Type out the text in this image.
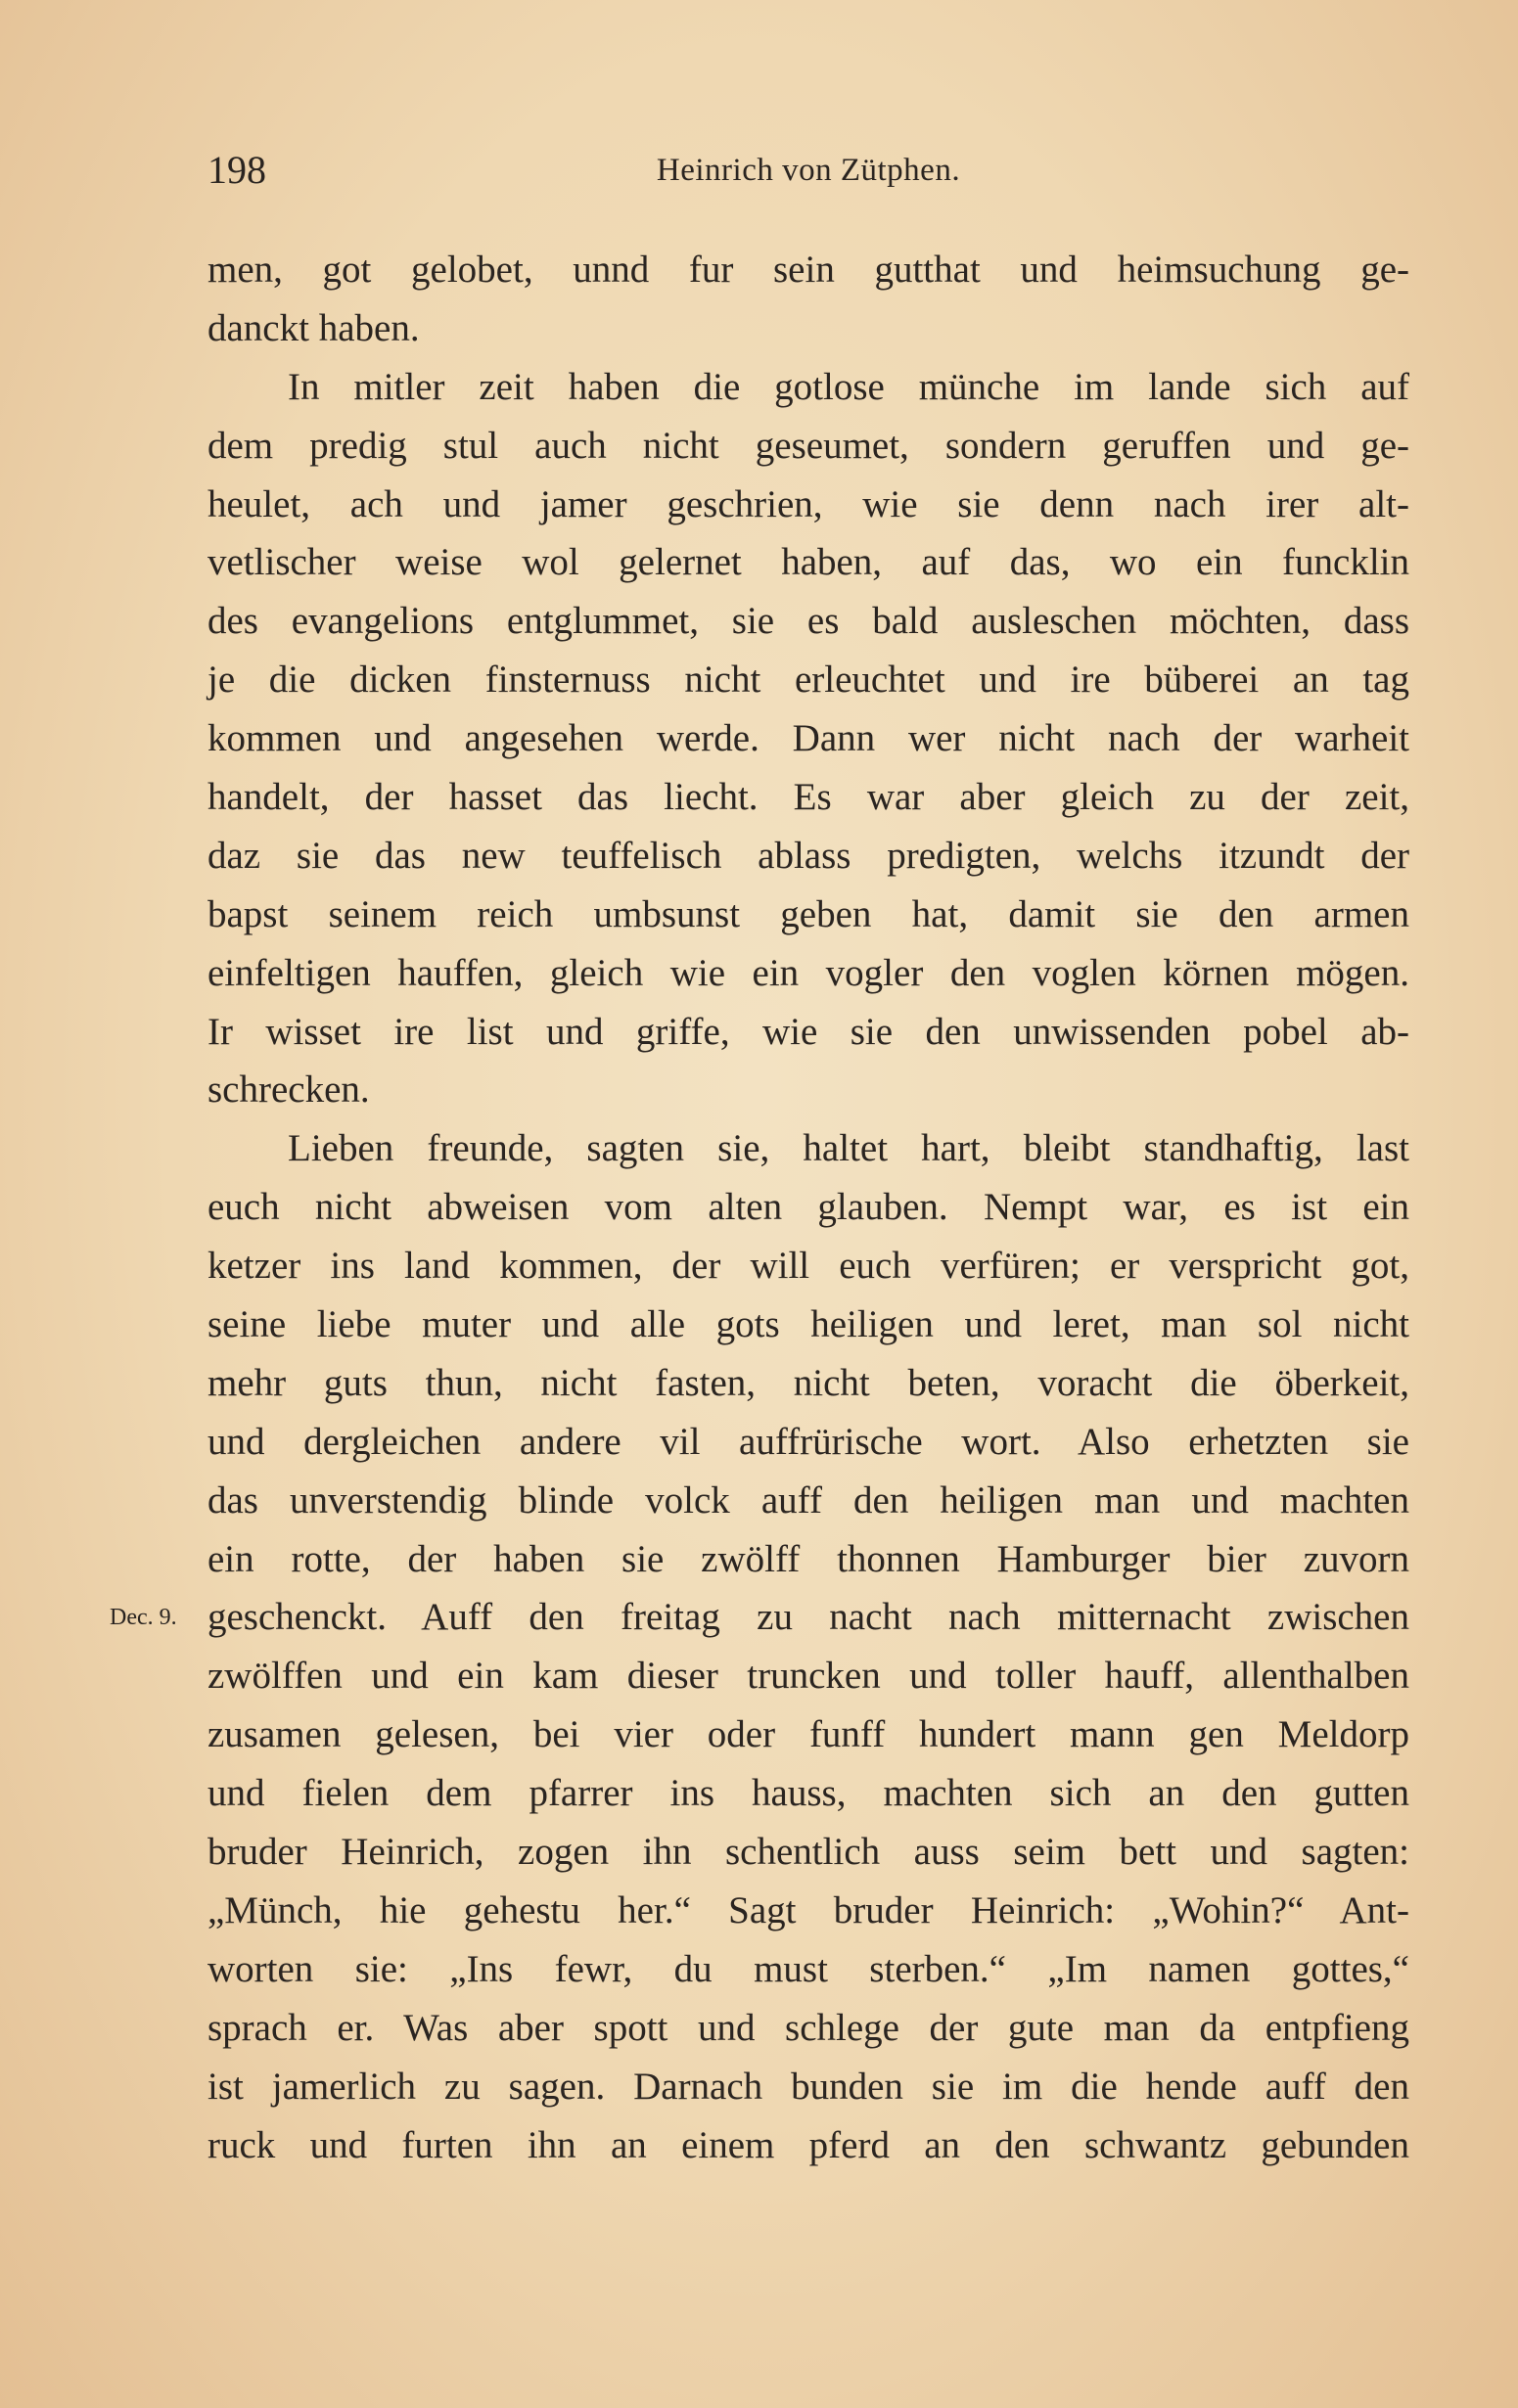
198	Heinrich von Zütphen.
Dec. 9.
men, got gelobet, unnd fur sein gutthat und heimsuchung ge-
danckt haben.
In mitler zeit haben die gotlose münche im lande sich auf
dem predig stul auch nicht geseumet, sondern geruffen und ge-
heulet, ach und jamer geschrien, wie sie denn nach irer alt-
vetlischer weise wol gelernet haben, auf das, wo ein funcklin
des evangelions entglummet, sie es bald ausleschen möchten, dass
je die dicken finsternuss nicht erleuchtet und ire büberei an tag
kommen und angesehen werde. Dann wer nicht nach der warheit
handelt, der hasset das liecht. Es war aber gleich zu der zeit,
daz sie das new teuffelisch ablass predigten, welchs itzundt der
bapst seinem reich umbsunst geben hat, damit sie den armen
einfeltigen hauffen, gleich wie ein vogler den voglen körnen mögen.
Ir wisset ire list und griffe, wie sie den unwissenden pobel ab-
schrecken.
Lieben freunde, sagten sie, haltet hart, bleibt standhaftig, last
euch nicht abweisen vom alten glauben. Nempt war, es ist ein
ketzer ins land kommen, der will euch verfüren; er verspricht got,
seine liebe muter und alle gots heiligen und leret, man sol nicht
mehr guts thun, nicht fasten, nicht beten, voracht die öberkeit,
und dergleichen andere vil auffrürische wort. Also erhetzten sie
das unverstendig blinde volck auff den heiligen man und machten
ein rotte, der haben sie zwölff thonnen Hamburger bier zuvorn
geschenckt. Auff den freitag zu nacht nach mitternacht zwischen
zwölffen und ein kam dieser truncken und toller hauff, allenthalben
zusamen gelesen, bei vier oder funff hundert mann gen Meldorp
und fielen dem pfarrer ins hauss, machten sich an den gutten
bruder Heinrich, zogen ihn schentlich auss seim bett und sagten:
„Münch, hie gehestu her.“ Sagt bruder Heinrich: „Wohin?“ Ant-
worten sie: „Ins fewr, du must sterben.“ „Im namen gottes,“
sprach er. Was aber spott und schlege der gute man da entpfieng
ist jamerlich zu sagen. Darnach bunden sie im die hende auff den
ruck und furten ihn an einem pferd an den schwantz gebunden
